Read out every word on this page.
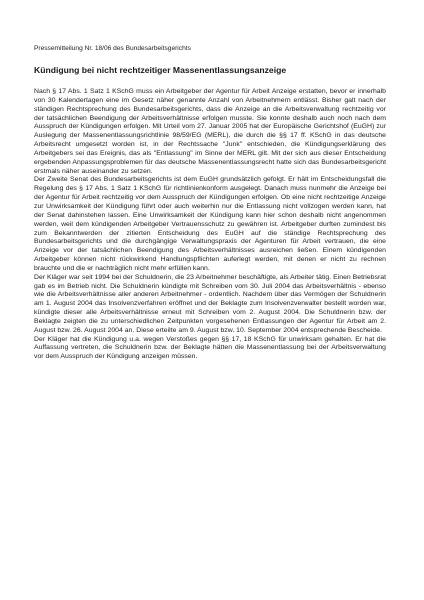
Pressemitteilung Nr. 18/06 des Bundesarbeitsgerichts

Kündigung bei nicht rechtzeitiger Massenentlassungsanzeige

Nach § 17 Abs. 1 Satz 1 KSchG muss ein Arbeitgeber der Agentur für Arbeit Anzeige erstatten, bevor er innerhalb von 30 Kalendertagen eine im Gesetz näher genannte Anzahl von Arbeitnehmern entlässt. Bisher galt nach der ständigen Rechtsprechung des Bundesarbeitsgerichts, dass die Anzeige an die Arbeitsverwaltung rechtzeitig vor der tatsächlichen Beendigung der Arbeitsverhältnisse erfolgen musste. Sie konnte deshalb auch noch nach dem Ausspruch der Kündigungen erfolgen. Mit Urteil vom 27. Januar 2005 hat der Europäische Gerichtshof (EuGH) zur Auslegung der Massenentlassungsrichtlinie 98/59/EG (MERL), die durch die §§ 17 ff. KSchG in das deutsche Arbeitsrecht umgesetzt worden ist, in der Rechtssache "Junk" entschieden, die Kündigungserklärung des Arbeitgebers sei das Ereignis, das als "Entlassung" im Sinne der MERL gilt. Mit der sich aus dieser Entscheidung ergebenden Anpassungsproblemen für das deutsche Massenentlassungsrecht hatte sich das Bundesarbeitsgericht erstmals näher auseinander zu setzen.

Der Zweite Senat des Bundesarbeitsgerichts ist dem EuGH grundsätzlich gefolgt. Er hält im Entscheidungsfall die Regelung des § 17 Abs. 1 Satz 1 KSchG für richtlinienkonform ausgelegt. Danach muss nunmehr die Anzeige bei der Agentur für Arbeit rechtzeitig vor dem Ausspruch der Kündigungen erfolgen. Ob eine nicht rechtzeitige Anzeige zur Unwirksamkeit der Kündigung führt oder auch weiterhin nur die Entlassung nicht vollzogen werden kann, hat der Senat dahinstehen lassen. Eine Unwirksamkeit der Kündigung kann hier schon deshalb nicht angenommen werden, weil dem kündigenden Arbeitgeber Vertrauensschutz zu gewähren ist. Arbeitgeber durften zumindest bis zum Bekanntwerden der zitierten Entscheidung des EuGH auf die ständige Rechtsprechung des Bundesarbeitsgerichts und die durchgängige Verwaltungspraxis der Agenturen für Arbeit vertrauen, die eine Anzeige vor der tatsächlichen Beendigung des Arbeitsverhältnisses ausreichen ließen. Einem kündigenden Arbeitgeber können nicht rückwirkend Handlungspflichten auferlegt werden, mit denen er nicht zu rechnen brauchte und die er nachträglich nicht mehr erfüllen kann.

Der Kläger war seit 1994 bei der Schuldnerin, die 23 Arbeitnehmer beschäftigte, als Arbeiter tätig. Einen Betriebsrat gab es im Betrieb nicht. Die Schuldnerin kündigte mit Schreiben vom 30. Juli 2004 das Arbeitsverhältnis - ebenso wie die Arbeitsverhältnisse aller anderen Arbeitnehmer - ordentlich. Nachdem über das Vermögen der Schuldnerin am 1. August 2004 das Insolvenzverfahren eröffnet und der Beklagte zum Insolvenzverwalter bestellt worden war, kündigte dieser alle Arbeitsverhältnisse erneut mit Schreiben vom 2. August 2004. Die Schuldnerin bzw. der Beklagte zeigten die zu unterschiedlichen Zeitpunkten vorgesehenen Entlassungen der Agentur für Arbeit am 2. August bzw. 26. August 2004 an. Diese erteilte am 9. August bzw. 10. September 2004 entsprechende Bescheide.

Der Kläger hat die Kündigung u.a. wegen Verstoßes gegen §§ 17, 18 KSchG für unwirksam gehalten. Er hat die Auffassung vertreten, die Schuldnerin bzw. der Beklagte hätten die Massenentlassung bei der Arbeitsverwaltung vor dem Ausspruch der Kündigung anzeigen müssen.
